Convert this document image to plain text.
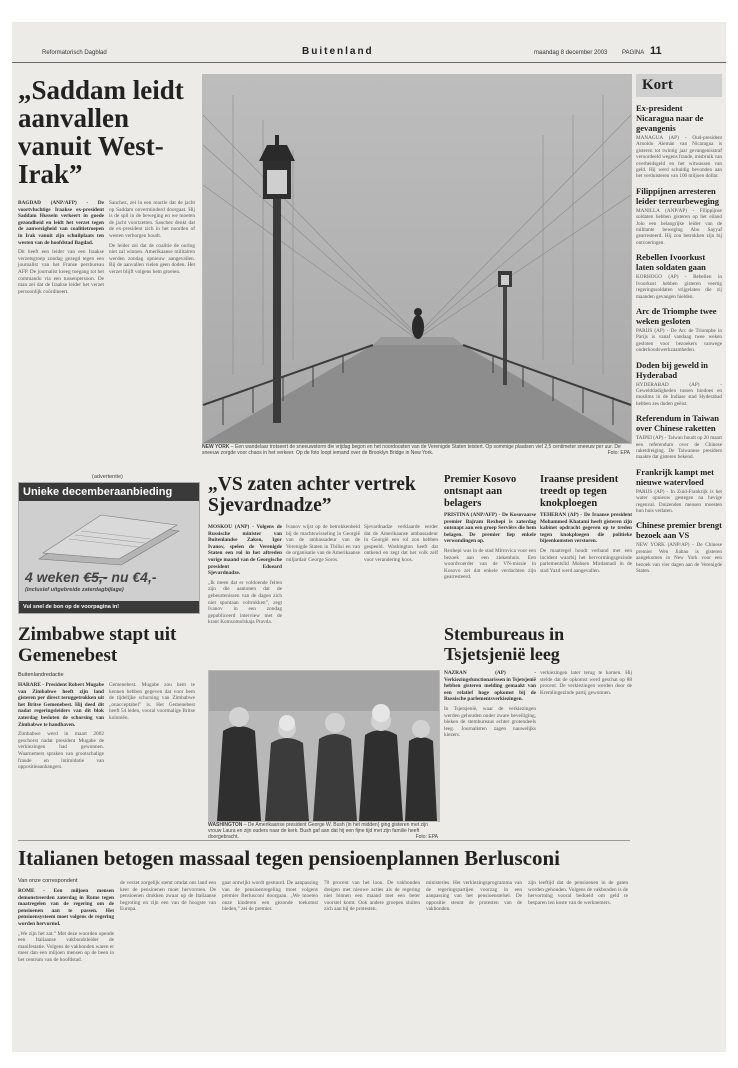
Reformatorisch Dagblad	Buitenland	maandag 8 december 2003 PAGINA 11
„Saddam leidt aanvallen vanuit West-Irak”

BAGDAD (ANP/AFP) - De voortvluchtige Iraakse ex-president Saddam Hussein verkeert in goede gezondheid en leidt het verzet tegen de aanwezigheid van coalitietroepen in Irak vanuit zijn schuilplaats ten westen van de hoofdstad Bagdad.

Dit heeft een leider van een Iraakse verzetsgroep zondag gezegd tegen een journalist van het Franse persbureau AFP. De journalist kreeg toegang tot het commando via een tussenpersoon. De man zei dat de Iraakse leider het verzet persoonlijk coördineert.

Sanchez, zei in een reactie dat de jacht op Saddam onverminderd doorgaat. Hij is de spil in de beweging en we moeten de jacht voortzetten. Sanchez denkt dat de ex-president zich in het noorden of westen verborgen houdt.

De leider zei dat de coalitie de oorlog niet zal winnen. Amerikaanse militairen werden zondag opnieuw aangevallen. Bij de aanvallen vielen geen doden. Het verzet blijft volgens hem groeien.

NEW YORK – Een wandelaar trotseert de sneeuwstorm die vrijdag begon en het noordoosten van de Verenigde Staten teistert. Op sommige plaatsen viel 2,5 centimeter sneeuw per uur. De sneeuw zorgde voor chaos in het verkeer. Op de foto loopt iemand over de Brooklyn Bridge in New York.	Foto: EPA
(advertentie)
Unieke decemberaanbieding
4 weken €5,- nu €4,-
(inclusief uitgebreide zaterdagbijlage)
Vul snel de bon op de voorpagina in!
Zimbabwe stapt uit Gemenebest
Buitenlandredactie

HARARE - President Robert Mugabe van Zimbabwe heeft zijn land gisteren per direct teruggetrokken uit het Britse Gemenebest. Hij deed dit nadat regeringsleiders van dit blok zaterdag besloten de schorsing van Zimbabwe te handhaven.

Zimbabwe werd in maart 2002 geschorst nadat president Mugabe de verkiezingen had gewonnen. Waarnemers spraken van grootschalige fraude en intimidatie van oppositieaanhangers.

Gemenebest. Mugabe zou hem te kennen hebben gegeven dat voor hem de tijdelijke schorsing van Zimbabwe „onacceptabel” is. Het Gemenebest heeft 54 leden, vooral voormalige Britse koloniën.

„VS zaten achter vertrek Sjevardnadze”

MOSKOU (ANP) - Volgens de Russische minister van Buitenlandse Zaken, Igor Ivanov, spelen de Verenigde Staten een rol in het aftreden vorige maand van de Georgische president Edoeard Sjevardnadze.

„Ik meen dat er voldoende feiten zijn die aantonen dat de gebeurtenissen van de dagen zich niet spontaan voltrokken”, zegt Ivanov in een zondag gepubliceerd interview met de krant Komsomolskaja Pravda.

Ivanov wijst op de betrokkenheid bij de machtswisseling in Georgië van de ambassadeur van de Verenigde Staten in Tbilisi en van de organisatie van de Amerikaanse miljardair George Soros.

Sjevardnadze verklaarde eerder dat de Amerikaanse ambassadeur in Georgië een rol zou hebben gespeeld. Washington heeft dat ontkend en zegt dat het volk zelf voor verandering koos.

Premier Kosovo ontsnapt aan belagers

PRISTINA (ANP/AFP) - De Kosovaarse premier Bajram Rexhepi is zaterdag ontsnapt aan een groep Serviërs die hem belagen. De premier liep enkele verwondingen op.

Rexhepi was in de stad Mitrovica voor een bezoek aan een ziekenhuis. Een woordvoerder van de VN-missie in Kosovo zei dat enkele verdachten zijn gearresteerd.

Iraanse president treedt op tegen knokploegen

TEHERAN (AP) - De Iraanse president Mohammed Khatami heeft gisteren zijn kabinet opdracht gegeven op te treden tegen knokploegen die politieke bijeenkomsten verstoren.

De maatregel houdt verband met een incident waarbij het hervormingsgezinde parlementslid Mohsen Mirdamadi in de stad Yazd werd aangevallen.

Stembureaus in Tsjetsjenië leeg

NAZRAN (AP) - Verkiezingsfunctionarissen in Tsjetsjenië hebben gisteren melding gemaakt van een relatief hoge opkomst bij de Russische parlementsverkiezingen.

In Tsjetsjenië, waar de verkiezingen werden gehouden onder zware beveiliging, bleken de stembureaus echter grotendeels leeg. Journalisten zagen nauwelijks kiezers.

verkiezingen later terug te komen. Hij stelde dat de opkomst werd geschat op 88 procent. De verkiezingen werden door de Kremlingezinde partij gewonnen.

WASHINGTON – De Amerikaanse president George W. Bush (in het midden) ging gisteren met zijn vrouw Laura en zijn ouders naar de kerk. Bush gaf aan dat hij een fijne tijd met zijn familie heeft doorgebracht.	Foto: EPA
Kort
Ex-president Nicaragua naar de gevangenis
MANAGUA (AP) - Oud-president Arnoldo Alemán van Nicaragua is gisteren tot twintig jaar gevangenisstraf veroordeeld wegens fraude, misbruik van overheidsgeld en het witwassen van geld. Hij werd schuldig bevonden aan het verduisteren van 100 miljoen dollar.
Filippijnen arresteren leider terreurbeweging
MANILLA (ANP/AP) - Filippijnse soldaten hebben gisteren op het eiland Jolo een belangrijke leider van de militante beweging Abu Sayyaf gearresteerd. Hij zou betrokken zijn bij ontvoeringen.
Rebellen Ivoorkust laten soldaten gaan
KORHOGO (AP) - Rebellen in Ivoorkust hebben gisteren veertig regeringssoldaten vrijgelaten die zij maanden gevangen hielden.
Arc de Triomphe twee weken gesloten
PARIJS (AP) - De Arc de Triomphe in Parijs is vanaf vandaag twee weken gesloten voor bezoekers vanwege onderhoudswerkzaamheden.
Doden bij geweld in Hyderabad
HYDERABAD (AP) - Gewelddadigheden tussen hindoes en moslims in de Indiase stad Hyderabad hebben zes doden geëist.
Referendum in Taiwan over Chinese raketten
TAIPEI (AP) - Taiwan houdt op 20 maart een referendum over de Chinese raketdreiging. De Taiwanese president maakte dat gisteren bekend.
Frankrijk kampt met nieuwe watervloed
PARIJS (AP) - In Zuid-Frankrijk is het water opnieuw gestegen na hevige regenval. Duizenden mensen moesten hun huis verlaten.
Chinese premier brengt bezoek aan VS
NEW YORK (ANP/AP) - De Chinese premier Wen Jiabao is gisteren aangekomen in New York voor een bezoek van vier dagen aan de Verenigde Staten.
Italianen betogen massaal tegen pensioenplannen Berlusconi
Van onze correspondent

ROME - Een miljoen mensen demonstreerden zaterdag in Rome tegen maatregelen van de regering om de pensioenen aan te passen. Het pensioensysteem moet volgens de regering worden hervormd.

„We zijn het zat.” Met deze woorden opende een Italiaanse vakbondsleider de manifestatie. Volgens de vakbonden waren er meer dan een miljoen mensen op de been in het centrum van de hoofdstad.

de verzet zorgelijk stemt omdat ons land een keer de pensioenen moet hervormen. De pensioenen drukken zwaar op de Italiaanse begroting en zijn een van de hoogste van Europa.

gaat ontwijkt wordt gestuurd. De aanpassing van de pensioenregeling moet volgens premier Berlusconi doorgaan. „We moeten onze kinderen een gezonde toekomst bieden,” zei de premier.

70 procent van het loon. De vakbonden dreigen met nieuwe acties als de regering niet binnen een maand met een beter voorstel komt. Ook andere groepen sluiten zich aan bij de protesten.

ministeries. Het verkiezingsprogramma van de regeringspartijen voorzag in een aanpassing van het pensioenstelsel. De oppositie steunt de protesten van de vakbonden.

zijn leeftijd dat de pensioenen in de gaten worden gehouden. Volgens de vakbonden is de hervorming vooral bedoeld om geld te besparen ten koste van de werknemers.
